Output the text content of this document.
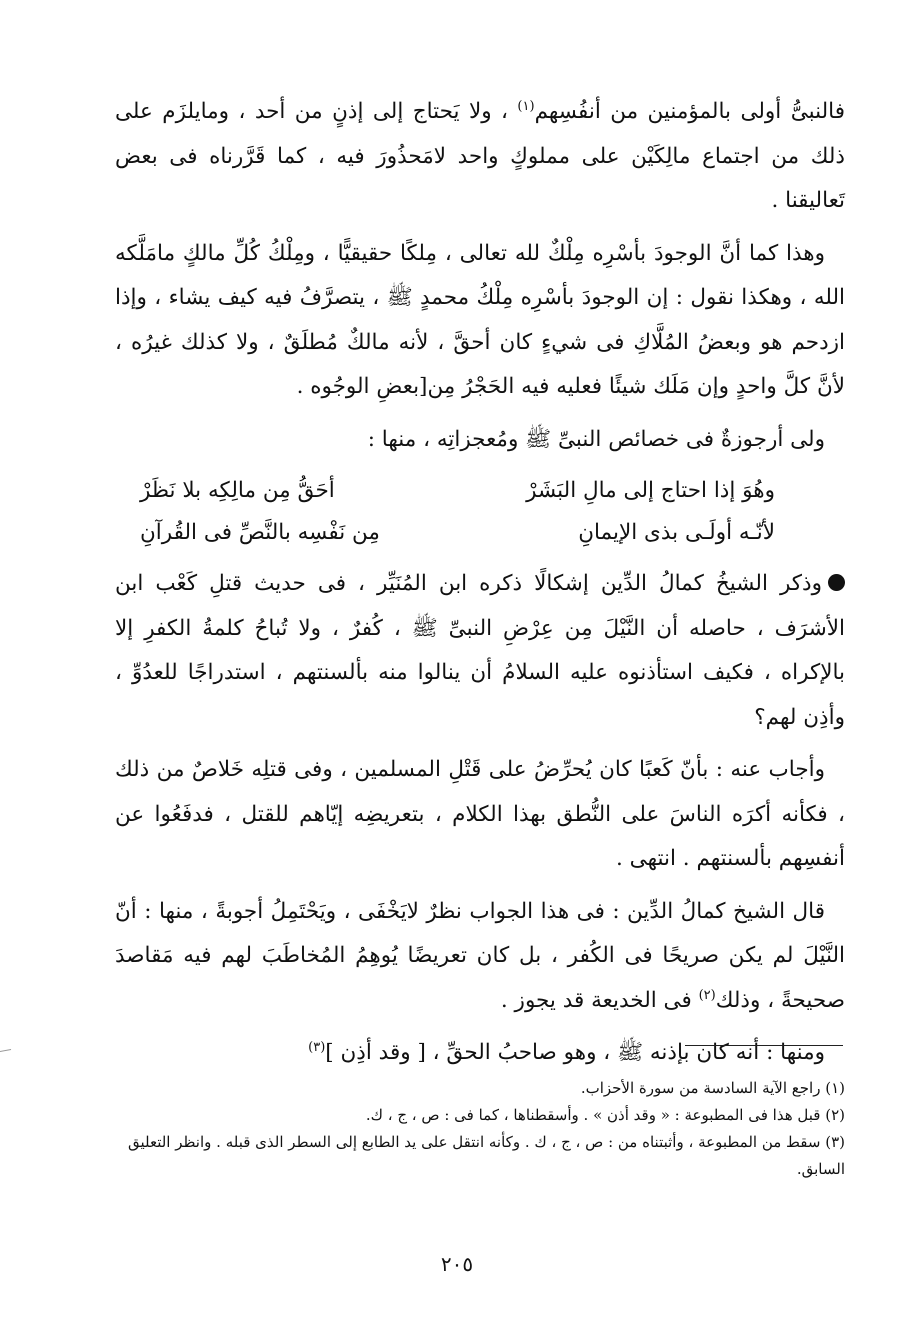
فالنبىُّ أولى بالمؤمنين من أنفُسِهم$^{(١)}$ ، ولا يَحتاج إلى إذنٍ من أحد ، ومايلزَم على ذلك من اجتماع مالِكَيْن على مملوكٍ واحد لامَحذُورَ فيه ، كما قَرَّرناه فى بعض تَعاليقنا .

وهذا كما أنَّ الوجودَ بأسْرِه مِلْكٌ لله تعالى ، مِلكًا حقيقيًّا ، ومِلْكُ كُلِّ مالكٍ مامَلَّكه الله ، وهكذا نقول : إن الوجودَ بأسْرِه مِلْكُ محمدٍ ﷺ ، يتصرَّفُ فيه كيف يشاء ، وإذا ازدحم هو وبعضُ المُلَّاكِ فى شيءٍ كان أحقَّ ، لأنه مالكٌ مُطلَقٌ ، ولا كذلك غيرُه ، لأنَّ كلَّ واحدٍ وإن مَلَك شيئًا فعليه فيه الحَجْرُ مِن[بعضِ الوجُوه .

ولى أرجوزةٌ فى خصائص النبىِّ ﷺ ومُعجزاتِه ، منها :

وهُوَ إذا احتاج إلى مالِ البَشَرْ
أحَقُّ مِن مالِكِه بلا نَظَرْ
لأنّـه أولَـى بذى الإيمانِ
مِن نَفْسِه بالنَّصِّ فى القُرآنِ

وذكر الشيخُ كمالُ الدِّين إشكالًا ذكره ابن المُنَيِّر ، فى حديث قتلِ كَعْب ابن الأشرَف ، حاصله أن النَّيْلَ مِن عِرْضِ النبىِّ ﷺ ، كُفرٌ ، ولا تُباحُ كلمةُ الكفرِ إلا بالإكراه ، فكيف استأذنوه عليه السلامُ أن ينالوا منه بألسنتهم ، استدراجًا للعدُوِّ ، وأذِن لهم؟

وأجاب عنه : بأنّ كَعبًا كان يُحرِّضُ على قَتْلِ المسلمين ، وفى قتلِه خَلاصٌ من ذلك ، فكأنه أكرَه الناسَ على النُّطق بهذا الكلام ، بتعريضِه إيّاهم للقتل ، فدفَعُوا عن أنفسِهم بألسنتهم . انتهى .

قال الشيخ كمالُ الدِّين : فى هذا الجواب نظرٌ لايَخْفَى ، ويَحْتَمِلُ أجوبةً ، منها : أنّ النَّيْلَ لم يكن صريحًا فى الكُفر ، بل كان تعريضًا يُوهِمُ المُخاطَبَ لهم فيه مَقاصدَ صحيحةً ، وذلك$^{(٢)}$ فى الخديعة قد يجوز .

ومنها : أنه كان بإذنه ﷺ ، وهو صاحبُ الحقِّ ، [ وقد أذِن ]$^{(٣)}$

(١) راجع الآية السادسة من سورة الأحزاب.

(٢) قبل هذا فى المطبوعة : « وقد أذن » . وأسقطناها ، كما فى : ص ، ج ، ك.

(٣) سقط من المطبوعة ، وأثبتناه من : ص ، ج ، ك . وكأنه انتقل على يد الطابع إلى السطر الذى قبله . وانظر التعليق السابق.

٢٠٥
